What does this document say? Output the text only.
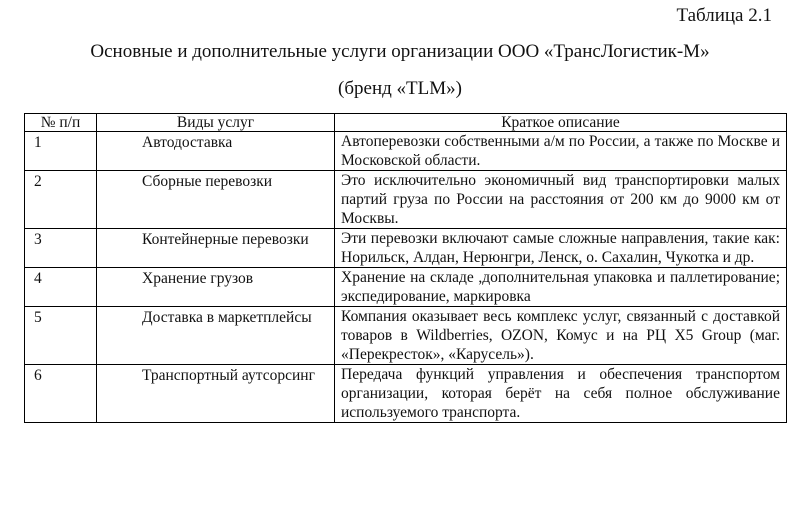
Таблица 2.1
Основные и дополнительные услуги организации ООО «ТрансЛогистик-М»
(бренд «TLM»)
№ п/п	Виды услуг	Краткое описание
1	Автодоставка	Автоперевозки собственными а/м по России, а также по Москве и Московской области.
2	Сборные перевозки	Это исключительно экономичный вид транспортировки малых партий груза по России на расстояния от 200 км до 9000 км от Москвы.
3	Контейнерные перевозки	Эти перевозки включают самые сложные направления, такие как: Норильск, Алдан, Нерюнгри, Ленск, о. Сахалин, Чукотка и др.
4	Хранение грузов	Хранение на складе ,дополнительная упаковка и паллетирование; экспедирование, маркировка
5	Доставка в маркетплейсы	Компания оказывает весь комплекс услуг, связанный с доставкой товаров в Wildberries, OZON, Комус и на РЦ X5 Group (маг. «Перекресток», «Карусель»).
6	Транспортный аутсорсинг	Передача функций управления и обеспечения транспортом организации, которая берёт на себя полное обслуживание используемого транспорта.
